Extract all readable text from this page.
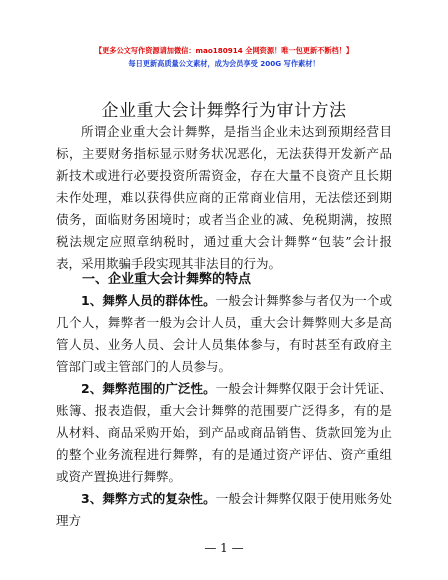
【更多公文写作资源请加微信：mao180914 全网资源！唯一包更新不断档！】
每日更新高质量公文素材，成为会员享受 200G 写作素材！
企业重大会计舞弊行为审计方法
所谓企业重大会计舞弊，是指当企业未达到预期经营目标，主要财务指标显示财务状况恶化，无法获得开发新产品新技术或进行必要投资所需资金，存在大量不良资产且长期未作处理，难以获得供应商的正常商业信用，无法偿还到期债务，面临财务困境时；或者当企业的减、免税期满，按照税法规定应照章纳税时，通过重大会计舞弊“包装”会计报表，采用欺骗手段实现其非法目的行为。
一、企业重大会计舞弊的特点
1、舞弊人员的群体性。一般会计舞弊参与者仅为一个或几个人，舞弊者一般为会计人员，重大会计舞弊则大多是高管人员、业务人员、会计人员集体参与，有时甚至有政府主管部门或主管部门的人员参与。
2、舞弊范围的广泛性。一般会计舞弊仅限于会计凭证、账簿、报表造假，重大会计舞弊的范围要广泛得多，有的是从材料、商品采购开始，到产品或商品销售、货款回笼为止的整个业务流程进行舞弊，有的是通过资产评估、资产重组或资产置换进行舞弊。
3、舞弊方式的复杂性。一般会计舞弊仅限于使用账务处理方
— 1 —
